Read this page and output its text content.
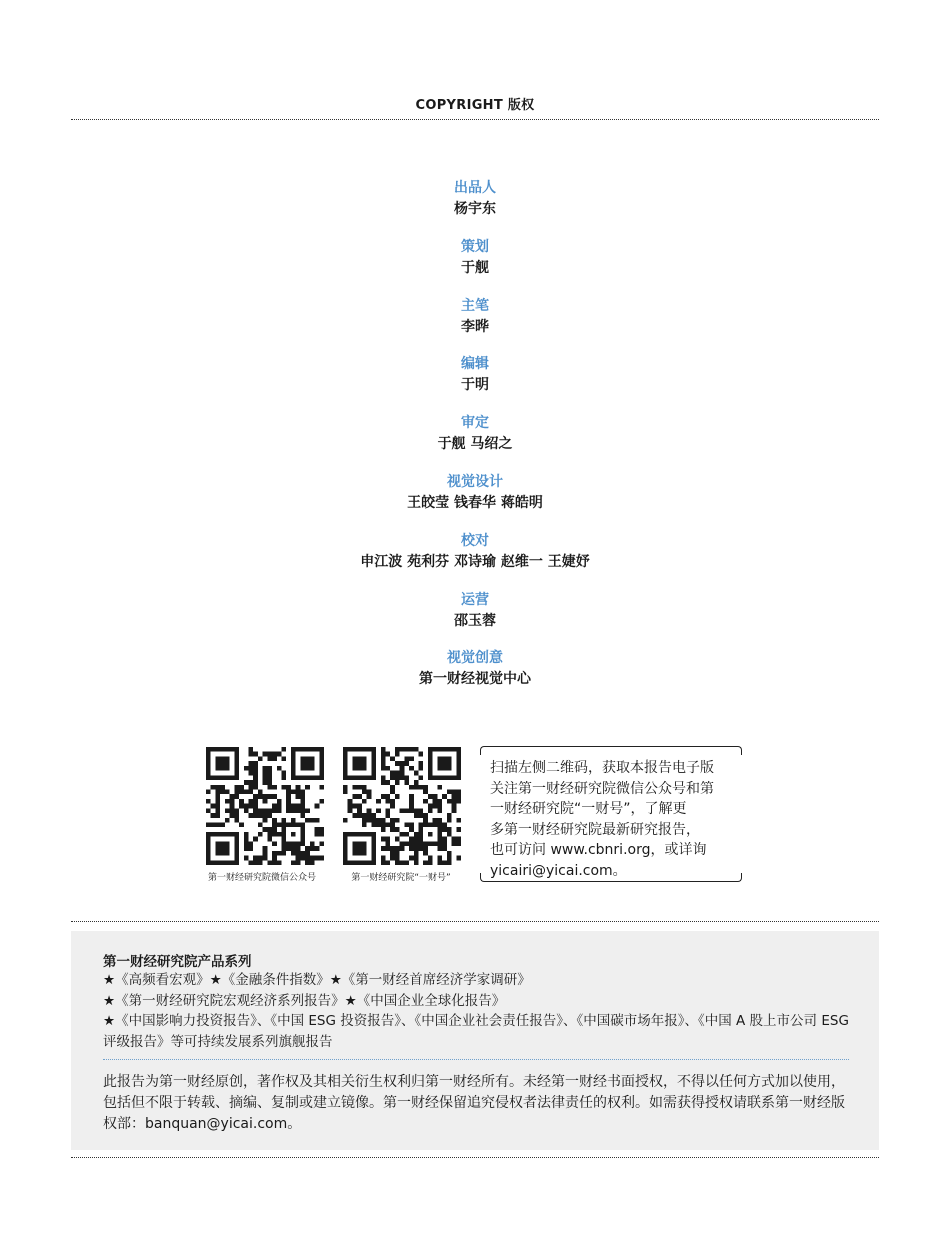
COPYRIGHT 版权
出品人
杨宇东
策划
于舰
主笔
李晔
编辑
于明
审定
于舰 马绍之
视觉设计
王皎莹 钱春华 蒋皓明
校对
申江波 苑利芬 邓诗瑜 赵维一 王婕妤
运营
邵玉蓉
视觉创意
第一财经视觉中心
第一财经研究院微信公众号	第一财经研究院“一财号”
扫描左侧二维码，获取本报告电子版
关注第一财经研究院微信公众号和第
一财经研究院“一财号”，了解更
多第一财经研究院最新研究报告，
也可访问 www.cbnri.org，或详询
yicairi@yicai.com。
第一财经研究院产品系列
★《高频看宏观》★《金融条件指数》★《第一财经首席经济学家调研》
★《第一财经研究院宏观经济系列报告》★《中国企业全球化报告》
★《中国影响力投资报告》、《中国 ESG 投资报告》、《中国企业社会责任报告》、《中国碳市场年报》、《中国 A 股上市公司 ESG 评级报告》等可持续发展系列旗舰报告
此报告为第一财经原创，著作权及其相关衍生权利归第一财经所有。未经第一财经书面授权，不得以任何方式加以使用，包括但不限于转载、摘编、复制或建立镜像。第一财经保留追究侵权者法律责任的权利。如需获得授权请联系第一财经版权部：banquan@yicai.com。
